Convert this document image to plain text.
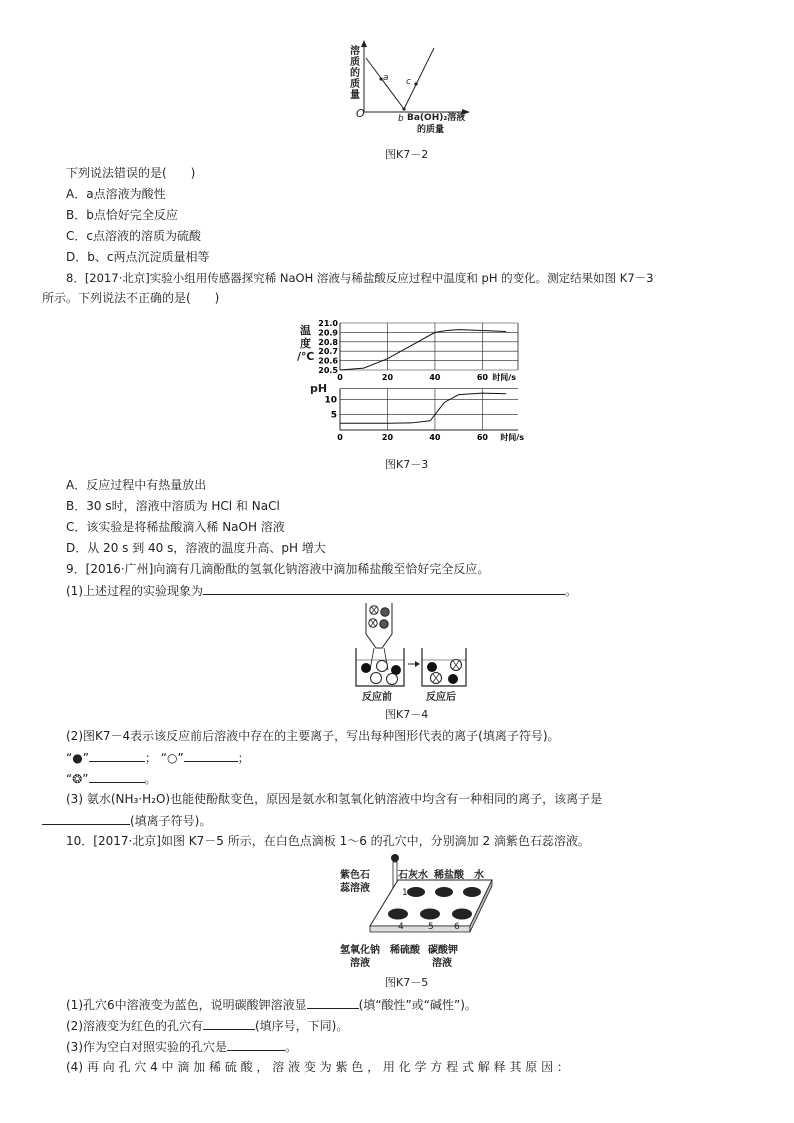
溶质的质量
O
a c
b Ba(OH)₂溶液
的质量
图K7－2
下列说法错误的是(　　)
A．a点溶液为酸性
B．b点恰好完全反应
C．c点溶液的溶质为硫酸
D．b、c两点沉淀质量相等
8．[2017·北京]实验小组用传感器探究稀 NaOH 溶液与稀盐酸反应过程中温度和 pH 的变化。测定结果如图 K7－3
所示。下列说法不正确的是(　　)
21.0
20.9
20.8
20.7
20.6
20.5
0	20	40	60 时间/s
10
5
0	20	40	60 时间/s
温
度
/℃
pH
图K7－3
A．反应过程中有热量放出
B．30 s时，溶液中溶质为 HCl 和 NaCl
C．该实验是将稀盐酸滴入稀 NaOH 溶液
D．从 20 s 到 40 s，溶液的温度升高、pH 增大
9．[2016·广州]向滴有几滴酚酞的氢氧化钠溶液中滴加稀盐酸至恰好完全反应。
(1)上述过程的实验现象为	。
反应前	反应后
图K7－4
(2)图K7－4表示该反应前后溶液中存在的主要离子，写出每种图形代表的离子(填离子符号)。
“●”	； “○”	；
“❂”	。
(3) 氨水(NH₃·H₂O)也能使酚酞变色，原因是氨水和氢氧化钠溶液中均含有一种相同的离子，该离子是
(填离子符号)。
10．[2017·北京]如图 K7－5 所示，在白色点滴板 1～6 的孔穴中，分别滴加 2 滴紫色石蕊溶液。
紫色石
蕊溶液
石灰水 稀盐酸 水
1	2	3
4	5 6
氢氧化钠
溶液
稀硫酸 碳酸钾
溶液
图K7－5
(1)孔穴6中溶液变为蓝色，说明碳酸钾溶液显	(填“酸性”或“碱性”)。
(2)溶液变为红色的孔穴有	(填序号，下同)。
(3)作为空白对照实验的孔穴是	。
(4) 再 向 孔 穴 4 中 滴 加 稀 硫 酸 ， 溶 液 变 为 紫 色 ， 用 化 学 方 程 式 解 释 其 原 因 ：
